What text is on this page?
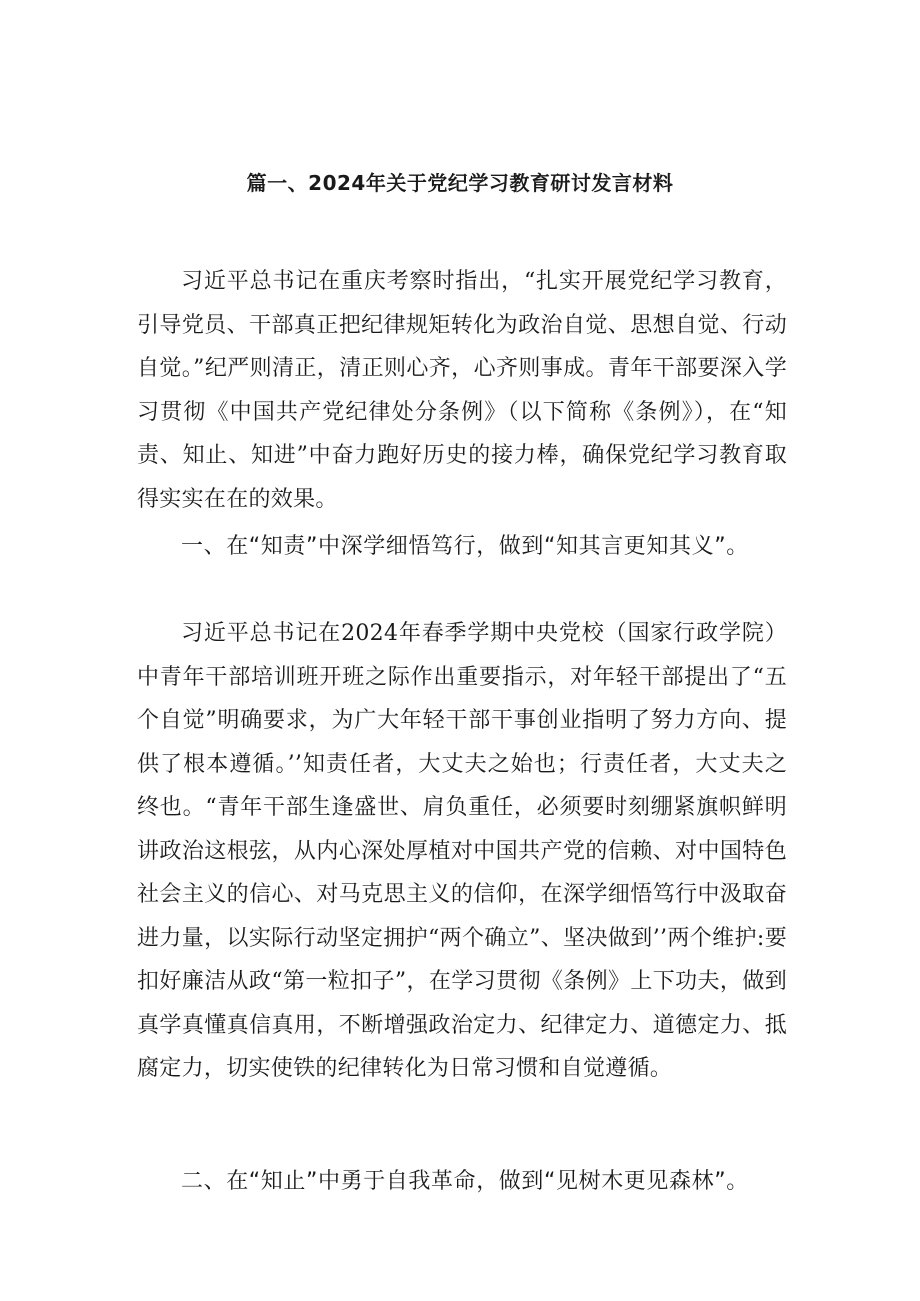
篇一、2024年关于党纪学习教育研讨发言材料

习近平总书记在重庆考察时指出，“扎实开展党纪学习教育，引导党员、干部真正把纪律规矩转化为政治自觉、思想自觉、行动自觉。”纪严则清正，清正则心齐，心齐则事成。青年干部要深入学习贯彻《中国共产党纪律处分条例》（以下简称《条例》），在“知责、知止、知进”中奋力跑好历史的接力棒，确保党纪学习教育取得实实在在的效果。

一、在“知责”中深学细悟笃行，做到“知其言更知其义”。

习近平总书记在2024年春季学期中央党校（国家行政学院）中青年干部培训班开班之际作出重要指示，对年轻干部提出了“五个自觉”明确要求，为广大年轻干部干事创业指明了努力方向、提供了根本遵循。’’知责任者，大丈夫之始也；行责任者，大丈夫之终也。“青年干部生逢盛世、肩负重任，必须要时刻绷紧旗帜鲜明讲政治这根弦，从内心深处厚植对中国共产党的信赖、对中国特色社会主义的信心、对马克思主义的信仰，在深学细悟笃行中汲取奋进力量，以实际行动坚定拥护“两个确立”、坚决做到’’两个维护:要扣好廉洁从政“第一粒扣子”，在学习贯彻《条例》上下功夫，做到真学真懂真信真用，不断增强政治定力、纪律定力、道德定力、抵腐定力，切实使铁的纪律转化为日常习惯和自觉遵循。

二、在“知止”中勇于自我革命，做到“见树木更见森林”。
